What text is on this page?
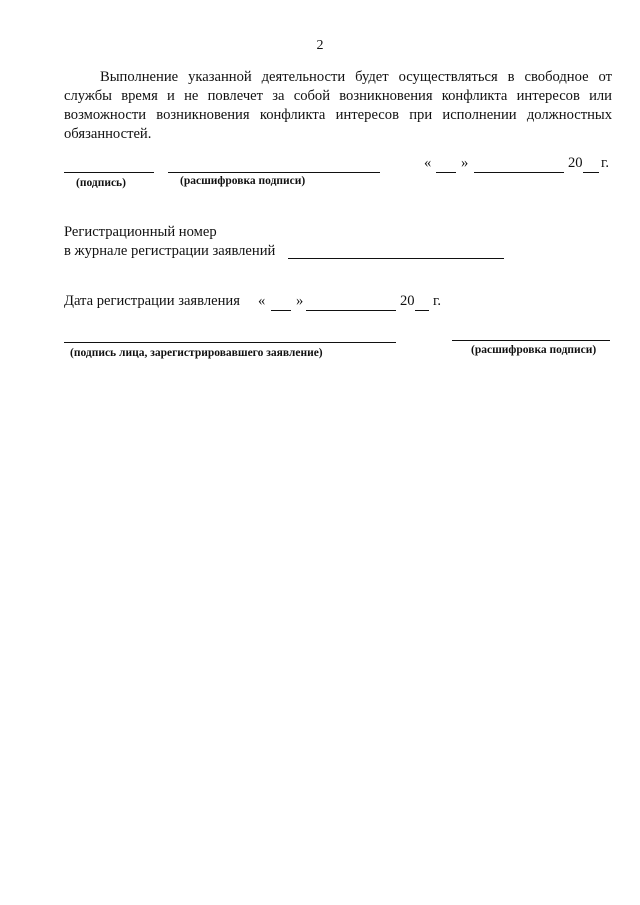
2

Выполнение указанной деятельности будет осуществляться в свободное от службы время и не повлечет за собой возникновения конфликта интересов или возможности возникновения конфликта интересов при исполнении должностных обязанностей.

« »	20 г.
(подпись)	(расшифровка подписи)
Регистрационный номер
в журнале регистрации заявлений
Дата регистрации заявления « »	20 г.
(подпись лица, зарегистрировавшего заявление)	(расшифровка подписи)
